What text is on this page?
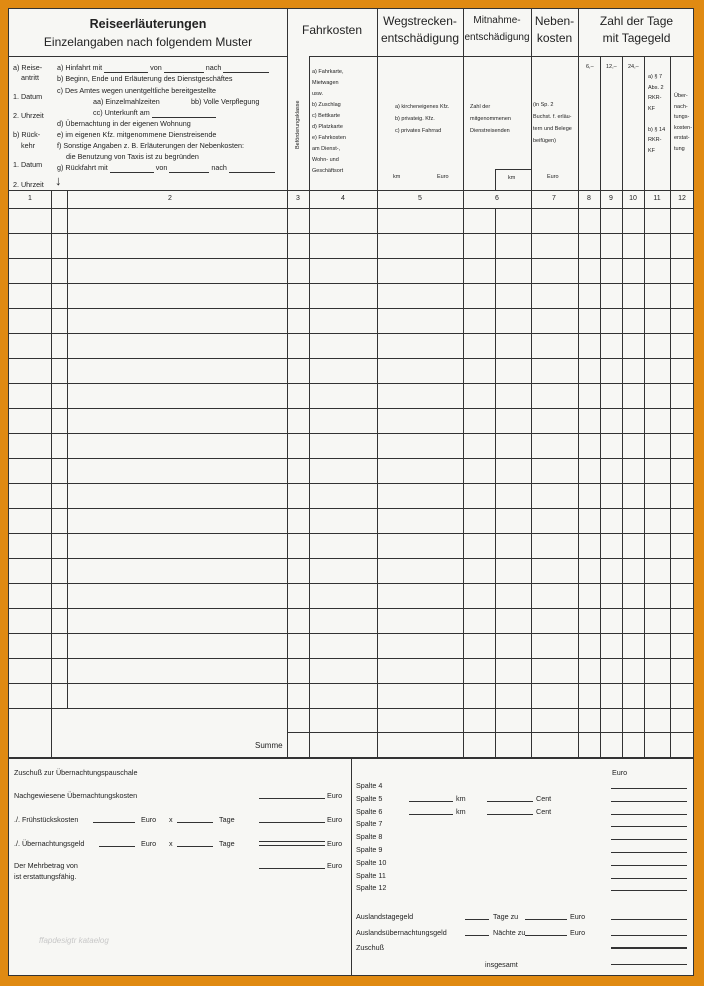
Reiseerläuterungen
Einzelangaben nach folgendem Muster
Fahrkosten
Wegstrecken-
entschädigung
Mitnahme-
entschädigung
Neben-
kosten
Zahl der Tage
mit Tagegeld
a) Reise-
antritt
1. Datum
2. Uhrzeit
b) Rück-
kehr
1. Datum
2. Uhrzeit ↓
a) Hinfahrt mit	von	nach
b) Beginn, Ende und Erläuterung des Dienstgeschäftes
c) Des Amtes wegen unentgeltliche bereitgestellte
aa) Einzelmahlzeiten	bb) Volle Verpflegung
cc) Unterkunft am
d) Übernachtung in der eigenen Wohnung
e) im eigenen Kfz. mitgenommene Dienstreisende
f) Sonstige Angaben z. B. Erläuterungen der Nebenkosten:
die Benutzung von Taxis ist zu begründen
g) Rückfahrt mit	von	nach
Beförderungsklasse
a) Fahrkarte,
Mietwagen
usw.
b) Zuschlag
c) Bettkarte
d) Platzkarte
e) Fahrkosten
am Dienst-,
Wohn- und
Geschäftsort
a) kircheneigenes Kfz.
b) privateig. Kfz.
c) privates Fahrrad
km	Euro
Zahl der
mitgenommenen
Dienstreisenden
km
(in Sp. 2
Buchst. f. erläu-
tern und Belege
beifügen)
Euro
6,– 12,– 24,–
a) § 7
Abs. 2
RKR-
KF

b) § 14
RKR-
KF
Über-
nach-
tungs-
kosten-
erstat-
tung
1	2	3	4	5	6	7	8	9	10	11	12
Summe
Zuschuß zur Übernachtungspauschale
Nachgewiesene Übernachtungskosten	Euro
./. Frühstückskosten	Euro x	Tage	Euro
./. Übernachtungsgeld	Euro x	Tage	Euro
Der Mehrbetrag von
ist erstattungsfähig.
Euro
ffapdesigtr kataelog
Euro
Spalte 4
Spalte 5	km	Cent
Spalte 6	km	Cent
Spalte 7
Spalte 8
Spalte 9
Spalte 10
Spalte 11
Spalte 12
Auslandstagegeld	Tage zu	Euro
Auslandsübernachtungsgeld	Nächte zu	Euro
Zuschuß
insgesamt
